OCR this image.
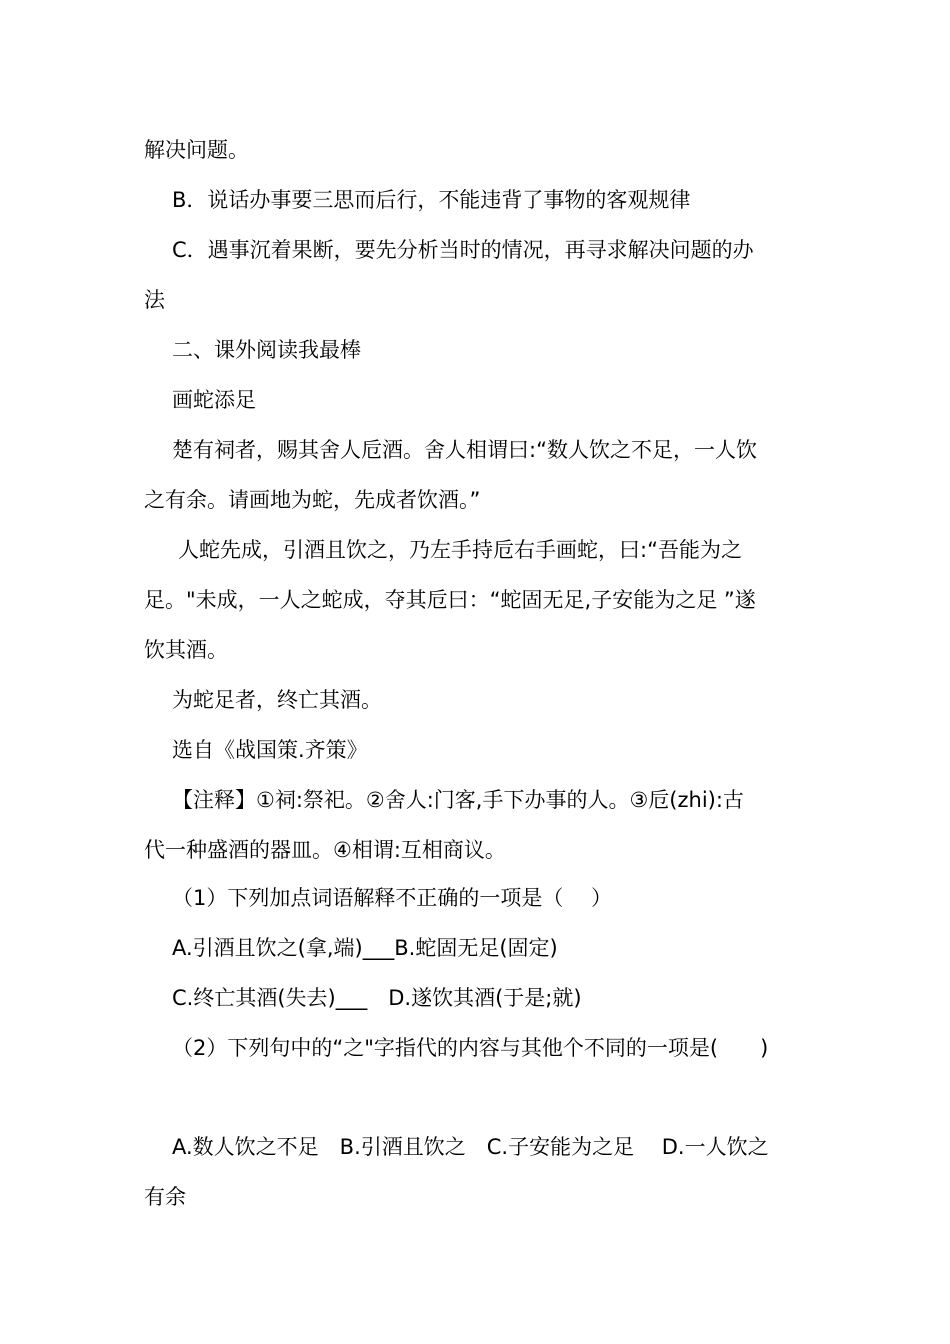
解决问题。
B．说话办事要三思而后行，不能违背了事物的客观规律
C．遇事沉着果断，要先分析当时的情况，再寻求解决问题的办
法
二、课外阅读我最棒
画蛇添足
楚有祠者，赐其舍人卮酒。舍人相谓曰:“数人饮之不足，一人饮
之有余。请画地为蛇，先成者饮酒。”
人蛇先成，引酒且饮之，乃左手持卮右手画蛇，曰:“吾能为之
足。"未成，一人之蛇成，夺其卮曰：“蛇固无足,子安能为之足 ”遂
饮其酒。
为蛇足者，终亡其酒。
选自《战国策.齐策》
【注释】①祠:祭祀。②舍人:门客,手下办事的人。③卮(zhi):古
代一种盛酒的器皿。④相谓:互相商议。
（1）下列加点词语解释不正确的一项是（　 ）
A.引酒且饮之(拿,端)___B.蛇固无足(固定)
C.终亡其酒(失去)___　D.遂饮其酒(于是;就)
（2）下列句中的“之"字指代的内容与其他个不同的一项是(　　)
A.数人饮之不足　B.引酒且饮之　C.子安能为之足　 D.一人饮之
有余
